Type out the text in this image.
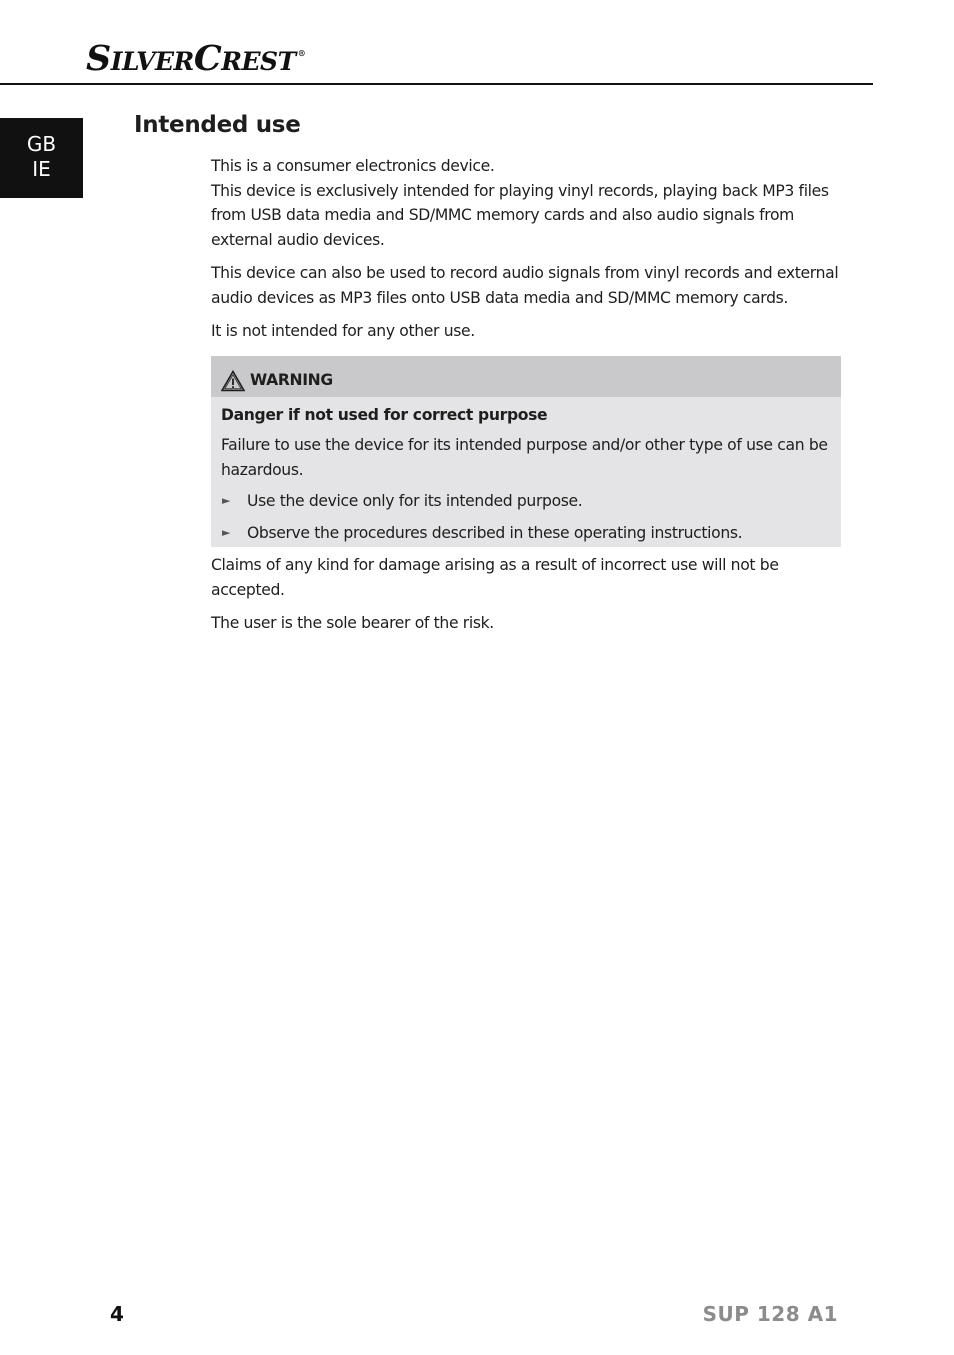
SILVERCREST ®
GB
IE
Intended use

This is a consumer electronics device.

This device is exclusively intended for playing vinyl records, playing back MP3 files from USB data media and SD/MMC memory cards and also audio signals from external audio devices.

This device can also be used to record audio signals from vinyl records and external audio devices as MP3 files onto USB data media and SD/MMC memory cards.

It is not intended for any other use.

WARNING

Danger if not used for correct purpose

Failure to use the device for its intended purpose and/or other type of use can be hazardous.

► Use the device only for its intended purpose.

► Observe the procedures described in these operating instructions.

Claims of any kind for damage arising as a result of incorrect use will not be accepted.

The user is the sole bearer of the risk.

4	SUP 128 A1
